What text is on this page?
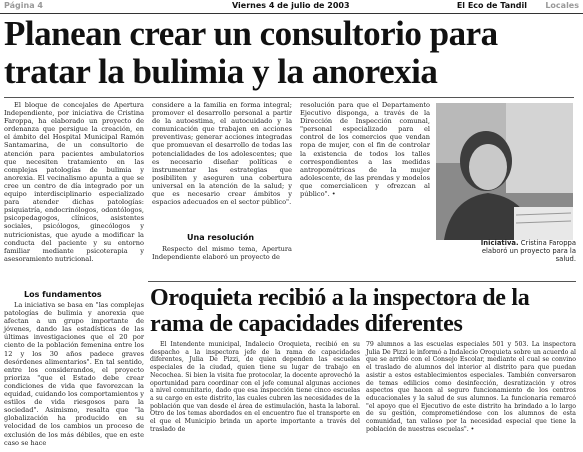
Página 4	Viernes 4 de julio de 2003	El Eco de Tandil Locales
Planean crear un consultorio para tratar la bulimia y la anorexia

El bloque de concejales de Apertura Independiente, por iniciativa de Cristina Faroppa, ha elaborado un proyecto de ordenanza que persigue la creación, en el ámbito del Hospital Municipal Ramón Santamarina, de un consultorio de atención para pacientes ambulatorios que necesiten tratamiento en las complejas patologías de bulimia y anorexia. El vecinalismo apunta a que se cree un centro de día integrado por un equipo interdisciplinario especializado para atender dichas patologías: psiquiatría, endocrinólogos, odontólogos, psicopedagogos, clínicos, asistentes sociales, psicólogos, ginecólogos y nutricionistas, que ayude a modificar la conducta del paciente y su entorno familiar mediante psicoterapia y asesoramiento nutricional.

Los fundamentos

La iniciativa se basa en "las complejas patologías de bulimia y anorexia que afectan a un grupo importante de jóvenes, dando las estadísticas de las últimas investigaciones que el 20 por ciento de la población femenina entre los 12 y los 30 años padece graves desórdenes alimentarios". En tal sentido, entre los considerandos, el proyecto prioriza "que el Estado debe crear condiciones de vida que favorezcan la equidad, cuidando los comportamientos y estilos de vida riesgosos para la sociedad". Asimismo, resalta que "la globalización ha producido en su velocidad de los cambios un proceso de exclusión de los más débiles, que en este caso se hace

considere a la familia en forma integral; promover el desarrollo personal a partir de la autoestima, el autocuidado y la comunicación que trabajen en acciones preventivas; generar acciones integradas que promuevan el desarrollo de todas las potencialidades de los adolescentes; que es necesario diseñar políticas e instrumentar las estrategias que posibiliten y aseguren una cobertura universal en la atención de la salud; y que es necesario crear ámbitos y espacios adecuados en el sector público".

Una resolución

Respecto del mismo tema, Apertura Independiente elaboró un proyecto de

resolución para que el Departamento Ejecutivo disponga, a través de la Dirección de Inspección comunal, "personal especializado para el control de los comercios que vendan ropa de mujer, con el fin de controlar la existencia de todos los talles correspondientes a las medidas antropométricas de la mujer adolescente, de las prendas y modelos que comercialicen y ofrezcan al público". •

Iniciativa. Cristina Faroppa elaboró un proyecto para la salud.
Oroquieta recibió a la inspectora de la rama de capacidades diferentes

El Intendente municipal, Indalecio Oroquieta, recibió en su despacho a la inspectora jefe de la rama de capacidades diferentes, Julia De Pizzi, de quien dependen las escuelas especiales de la ciudad, quien tiene su lugar de trabajo en Necochea. Si bien la visita fue protocolar, la docente aprovechó la oportunidad para coordinar con el jefe comunal algunas acciones a nivel comunitario, dado que esa inspección tiene cinco escuelas a su cargo en este distrito, las cuales cubren las necesidades de la población que van desde el área de estimulación, hasta la laboral. Otro de los temas abordados en el encuentro fue el transporte en el que el Municipio brinda un aporte importante a través del traslado de

79 alumnos a las escuelas especiales 501 y 503. La inspectora Julia De Pizzi le informó a Indalecio Oroquieta sobre un acuerdo al que se arribó con el Consejo Escolar, mediante el cual se convino el traslado de alumnos del interior al distrito para que puedan asistir a estos establecimientos especiales. También conversaron de temas edilicios como desinfección, desratización y otros aspectos que hacen al seguro funcionamiento de los centros educacionales y la salud de sus alumnos. La funcionaria remarcó "el apoyo que el Ejecutivo de este distrito ha brindado a lo largo de su gestión, comprometiéndose con los alumnos de esta comunidad, tan valioso por la necesidad especial que tiene la población de nuestras escuelas". •
